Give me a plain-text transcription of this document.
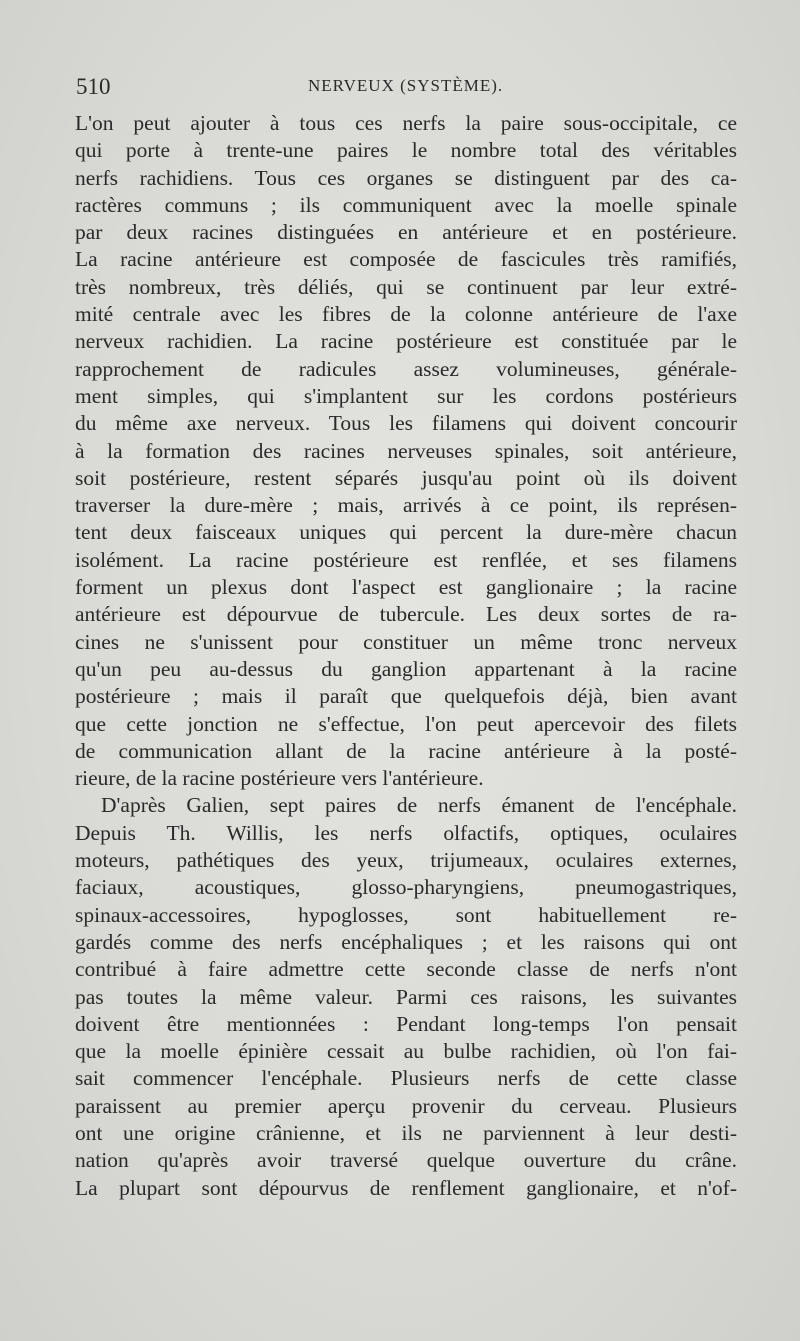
510	NERVEUX (SYSTÈME).
L'on peut ajouter à tous ces nerfs la paire sous-occipitale, ce
qui porte à trente-une paires le nombre total des véritables
nerfs rachidiens. Tous ces organes se distinguent par des ca-
ractères communs ; ils communiquent avec la moelle spinale
par deux racines distinguées en antérieure et en postérieure.
La racine antérieure est composée de fascicules très ramifiés,
très nombreux, très déliés, qui se continuent par leur extré-
mité centrale avec les fibres de la colonne antérieure de l'axe
nerveux rachidien. La racine postérieure est constituée par le
rapprochement de radicules assez volumineuses, générale-
ment simples, qui s'implantent sur les cordons postérieurs
du même axe nerveux. Tous les filamens qui doivent concourir
à la formation des racines nerveuses spinales, soit antérieure,
soit postérieure, restent séparés jusqu'au point où ils doivent
traverser la dure-mère ; mais, arrivés à ce point, ils représen-
tent deux faisceaux uniques qui percent la dure-mère chacun
isolément. La racine postérieure est renflée, et ses filamens
forment un plexus dont l'aspect est ganglionaire ; la racine
antérieure est dépourvue de tubercule. Les deux sortes de ra-
cines ne s'unissent pour constituer un même tronc nerveux
qu'un peu au-dessus du ganglion appartenant à la racine
postérieure ; mais il paraît que quelquefois déjà, bien avant
que cette jonction ne s'effectue, l'on peut apercevoir des filets
de communication allant de la racine antérieure à la posté-
rieure, de la racine postérieure vers l'antérieure.
D'après Galien, sept paires de nerfs émanent de l'encéphale.
Depuis Th. Willis, les nerfs olfactifs, optiques, oculaires
moteurs, pathétiques des yeux, trijumeaux, oculaires externes,
faciaux, acoustiques, glosso-pharyngiens, pneumogastriques,
spinaux-accessoires, hypoglosses, sont habituellement re-
gardés comme des nerfs encéphaliques ; et les raisons qui ont
contribué à faire admettre cette seconde classe de nerfs n'ont
pas toutes la même valeur. Parmi ces raisons, les suivantes
doivent être mentionnées : Pendant long-temps l'on pensait
que la moelle épinière cessait au bulbe rachidien, où l'on fai-
sait commencer l'encéphale. Plusieurs nerfs de cette classe
paraissent au premier aperçu provenir du cerveau. Plusieurs
ont une origine crânienne, et ils ne parviennent à leur desti-
nation qu'après avoir traversé quelque ouverture du crâne.
La plupart sont dépourvus de renflement ganglionaire, et n'of-
